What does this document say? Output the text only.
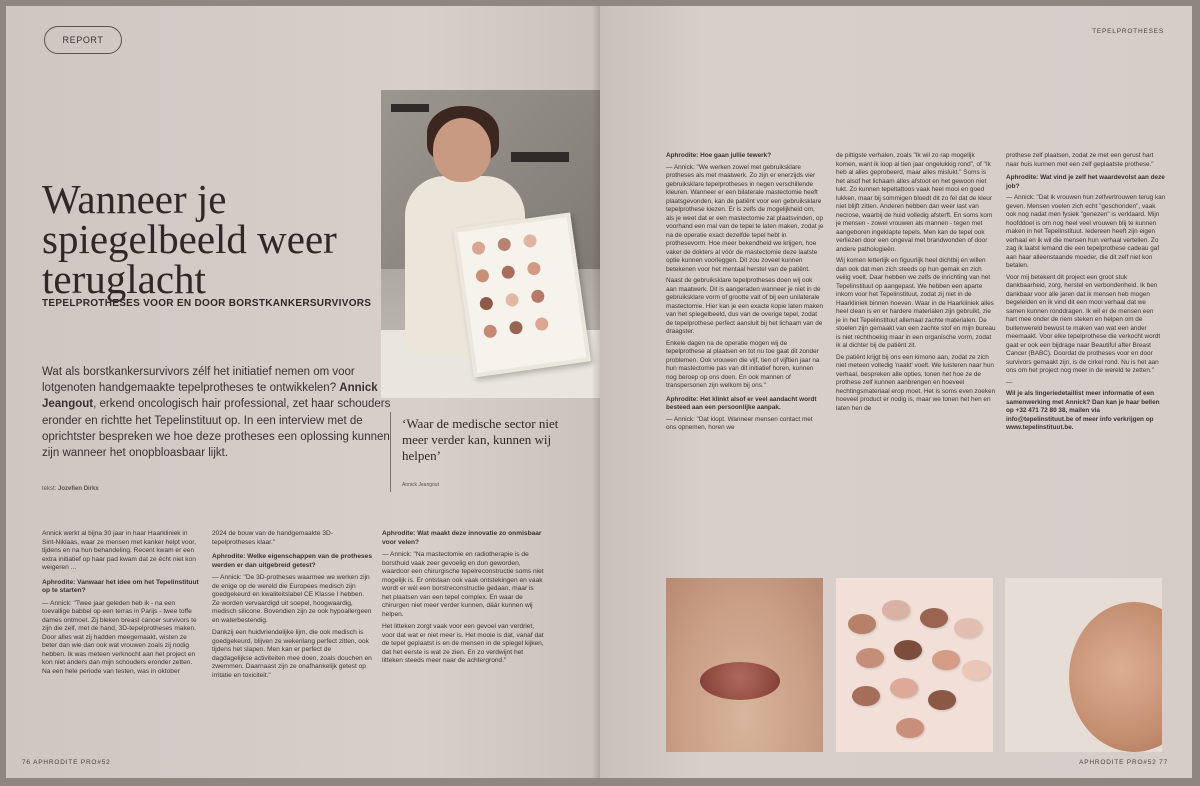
REPORT
Wanneer je spiegelbeeld weer teruglacht
TEPELPROTHESES VOOR EN DOOR BORSTKANKERSURVIVORS
Wat als borstkankersurvivors zélf het initiatief nemen om voor lotgenoten handgemaakte tepelprotheses te ontwikkelen? Annick Jeangout, erkend oncologisch hair professional, zet haar schouders eronder en richtte het Tepelinstituut op. In een interview met de oprichtster bespreken we hoe deze protheses een oplossing kunnen zijn wanneer het onopbloasbaar lijkt.
tekst: Jozefien Dirkx
‘Waar de medische sector niet meer verder kan, kunnen wij helpen’
Annick Jeangout

Annick werkt al bijna 30 jaar in haar Haarkliniek in Sint-Niklaas, waar ze mensen met kanker helpt voor, tijdens en na hun behandeling. Recent kwam er een extra initiatief op haar pad kwam dat ze écht niet kon weigeren ...

Aphrodite: Vanwaar het idee om het Tepelinstituut op te starten?

— Annick: "Twee jaar geleden heb ik - na een toevallige babbel op een terras in Parijs - twee toffe dames ontmoet. Zij bleken breast cancer survivors te zijn die zelf, met de hand, 3D-tepelprotheses maken. Door alles wat zij hadden meegemaakt, wisten ze beter dan wie dan ook wat vrouwen zoals zij nodig hebben. Ik was meteen verknocht aan het project en kon niet anders dan mijn schouders eronder zetten. Na een hele periode van testen, was in oktober

2024 de bouw van de handgemaakte 3D-tepelprotheses klaar."

Aphrodite: Welke eigenschappen van de protheses werden er dan uitgebreid getest?

— Annick: "De 3D-protheses waarmee we werken zijn de enige op de wereld die Europees medisch zijn goedgekeurd en kwaliteitslabel CE Klasse I hebben. Ze worden vervaardigd uit soepel, hoogwaardig, medisch silicone. Bovendien zijn ze ook hypoallergeen en waterbestendig.

Dankzij een huidvriendelijke lijm, die ook medisch is goedgekeurd, blijven ze wekenlang perfect zitten, ook tijdens het slapen. Men kan er perfect de dagdagelijkse activiteiten mee doen, zoals douchen en zwemmen. Daarnaast zijn ze onafhankelijk getest op irritatie en toxiciteit."

Aphrodite: Wat maakt deze innovatie zo onmisbaar voor velen?

— Annick: "Na mastectomie en radiotherapie is de borsthuid vaak zeer gevoelig en dun geworden, waardoor een chirurgische tepelreconstructie soms niet mogelijk is. Er ontstaan ook vaak ontstekingen en vaak wordt er wél een borstreconstructie gedaan, maar is het plaatsen van een tepel complex. En waar de chirurgen niet meer verder kunnen, dáár kunnen wij helpen.

Het litteken zorgt vaak voor een gevoel van verdriet, voor dat wat er niet meer is. Het mooie is dat, vanaf dat de tepel geplaatst is en de mensen in de spiegel kijken, dat het eerste is wat ze zien. En zo verdwijnt het litteken steeds meer naar de achtergrond."

76 APHRODITE PRO#52
TEPELPROTHESES

Aphrodite: Hoe gaan jullie tewerk?

— Annick: "We werken zowel met gebruiksklare protheses als met maatwerk. Zo zijn er enerzijds vier gebruiksklare tepelprotheses in negen verschillende kleuren. Wanneer er een bilaterale mastectomie heeft plaatsgevonden, kan de patiënt voor een gebruiksklare tepelprothese kiezen. Er is zelfs de mogelijkheid om, als je weet dat er een mastectomie zal plaatsvinden, op voorhand een mal van de tepel te laten maken, zodat je na de operatie exact dezelfde tepel hebt in prothesevorm. Hoe meer bekendheid we krijgen, hoe vaker de dokters al vóór de mastectomie deze laatste optie kunnen voorleggen. Dit zou zoveel kunnen betekenen voor het mentaal herstel van de patiënt.

Naast de gebruiksklare tepelprotheses doen wij ook aan maatwerk. Dit is aangeraden wanneer je niet in de gebruiksklare vorm of grootte valt of bij een unilaterale mastectomie. Hier kan je een exacte kopie laten maken van het spiegelbeeld, dus van de overige tepel, zodat de tepelprothese perfect aansluit bij het lichaam van de draagster.

Enkele dagen na de operatie mogen wij de tepelprothese al plaatsen en tot nu toe gaat dit zonder problemen. Ook vrouwen die vijf, tien of vijftien jaar na hun mastectomie pas van dit initiatief horen, kunnen nog beroep op ons doen. En ook mannen of transpersonen zijn welkom bij ons."

Aphrodite: Het klinkt alsof er veel aandacht wordt besteed aan een persoonlijke aanpak.

— Annick: "Dat klopt. Wanneer mensen contact met ons opnemen, horen we

de pittigste verhalen, zoals "Ik wil zo rap mogelijk komen, want ik loop al tien jaar ongelukkig rond", of "Ik heb al alles geprobeerd, maar alles mislukt." Soms is het alsof het lichaam alles afstoot en het gewoon niet lukt. Zo kunnen tepeltattoos vaak heel mooi en goed lukken, maar bij sommigen bloedt dit zo fel dat de kleur niet blijft zitten. Anderen hebben dan weer last van necrose, waarbij de huid volledig afsterft. En soms kom je mensen - zowel vrouwen als mannen - tegen met aangeboren ingeklapte tepels. Men kan de tepel ook verliezen door een ongeval met brandwonden of door andere pathologieën.

Wij komen letterlijk en figuurlijk heel dichtbij en willen dan ook dat men zich steeds op hun gemak en zich veilig voelt. Daar hebben we zelfs de inrichting van het Tepelinstituut op aangepast. We hebben een aparte inkom voor het Tepelinstituut, zodat zij niet in de Haarkliniek binnen hoeven. Waar in de Haarkliniek alles heel clean is en er hardere materialen zijn gebruikt, zie je in het Tepelinstituut allemaal zachte materialen. De stoelen zijn gemaakt van een zachte stof en mijn bureau is niet rechthoekig maar in een organische vorm, zodat ik al dichter bij de patiënt zit.

De patiënt krijgt bij ons een kimono aan, zodat ze zich niet meteen volledig 'naakt' voelt. We luisteren naar hun verhaal, bespreken alle opties, tonen het hoe ze de prothese zelf kunnen aanbrengen en hoeveel hechtingsmateriaal erop moet. Het is soms even zoeken hoeveel product er nodig is, maar we tonen het hen en laten hen de

prothese zelf plaatsen, zodat ze met een gerust hart naar huis kunnen met een zelf geplaatste prothese."

Aphrodite: Wat vind je zelf het waardevolst aan deze job?

— Annick: "Dat ik vrouwen hun zelfvertrouwen terug kan geven. Mensen voelen zich echt "geschonden", vaak ook nog nadat men fysiek "genezen" is verklaard. Mijn hoofddoel is om nog heel veel vrouwen blij te kunnen maken in het Tepelinstituut. Iedereen heeft zijn eigen verhaal en ik wil die mensen hun verhaal vertellen. Zo zag ik laatst iemand die een tepelprothese cadeau gaf aan haar alleenstaande moeder, die dit zelf niet kon betalen.

Voor mij betekent dit project een groot stuk dankbaarheid, zorg, herstel en verbondenheid. Ik ben dankbaar voor alle jaren dat ik mensen heb mogen begeleiden en ik vind dit een mooi verhaal dat we samen kunnen ronddragen. Ik wil er de mensen een hart mee onder de riem steken en helpen om de buitenwereld bewust te maken van wat een ander meemaakt. Voor elke tepelprothese die verkocht wordt gaat er ook een bijdrage naar Beautiful after Breast Cancer (BABC). Doordat de protheses voor en door survivors gemaakt zijn, is de cirkel rond. Nu is het aan ons om het project nog meer in de wereld te zetten."

—

Wil je als lingeriedetaillist meer informatie of een samenwerking met Annick? Dan kan je haar bellen op +32 471 72 80 38, mailen via info@tepelinstituut.be of meer info verkrijgen op www.tepelinstituut.be.

APHRODITE PRO#52 77
